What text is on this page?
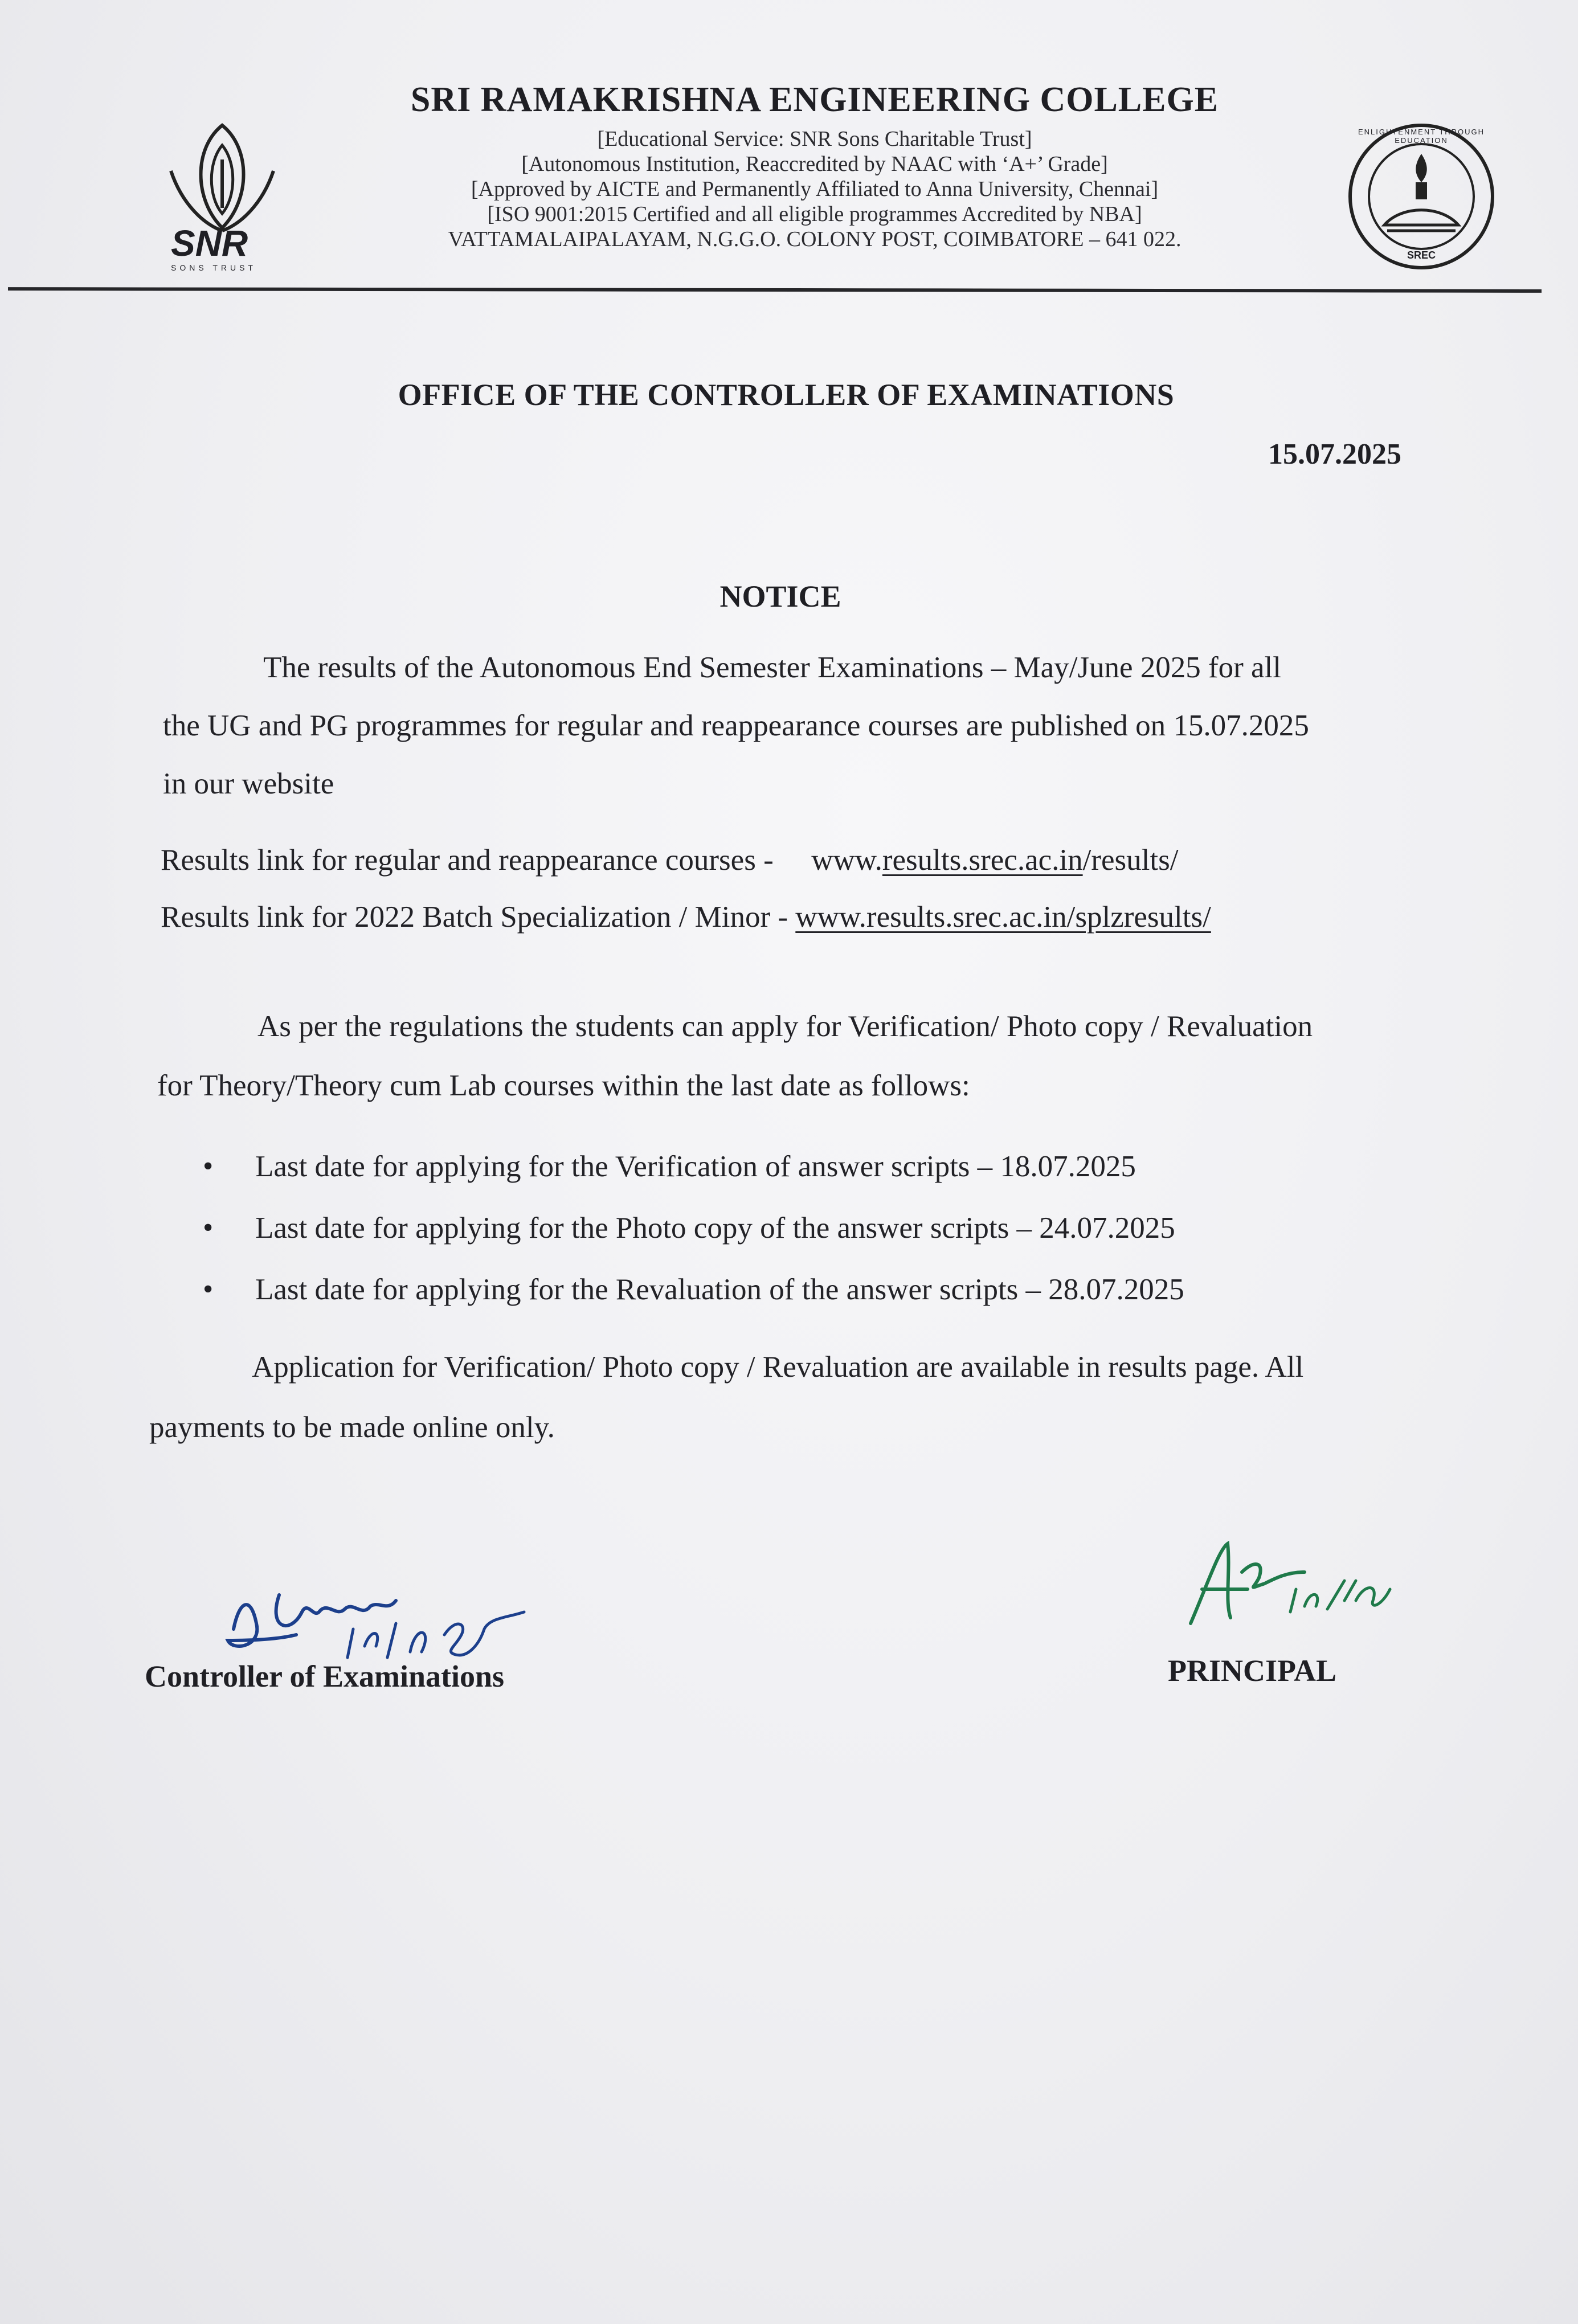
SNR
SONS TRUST
ENLIGHTENMENT THROUGH EDUCATION
SREC
SRI RAMAKRISHNA ENGINEERING COLLEGE
[Educational Service: SNR Sons Charitable Trust]
[Autonomous Institution, Reaccredited by NAAC with ‘A+’ Grade]
[Approved by AICTE and Permanently Affiliated to Anna University, Chennai]
[ISO 9001:2015 Certified and all eligible programmes Accredited by NBA]
VATTAMALAIPALAYAM, N.G.G.O. COLONY POST, COIMBATORE – 641 022.
OFFICE OF THE CONTROLLER OF EXAMINATIONS
15.07.2025
NOTICE
The results of the Autonomous End Semester Examinations – May/June 2025 for all
the UG and PG programmes for regular and reappearance courses are published on 15.07.2025
in our website
Results link for regular and reappearance courses - www.results.srec.ac.in/results/
Results link for 2022 Batch Specialization / Minor - www.results.srec.ac.in/splzresults/
As per the regulations the students can apply for Verification/ Photo copy / Revaluation
for Theory/Theory cum Lab courses within the last date as follows:
• Last date for applying for the Verification of answer scripts – 18.07.2025
• Last date for applying for the Photo copy of the answer scripts – 24.07.2025
• Last date for applying for the Revaluation of the answer scripts – 28.07.2025
Application for Verification/ Photo copy / Revaluation are available in results page. All
payments to be made online only.
Controller of Examinations	PRINCIPAL
